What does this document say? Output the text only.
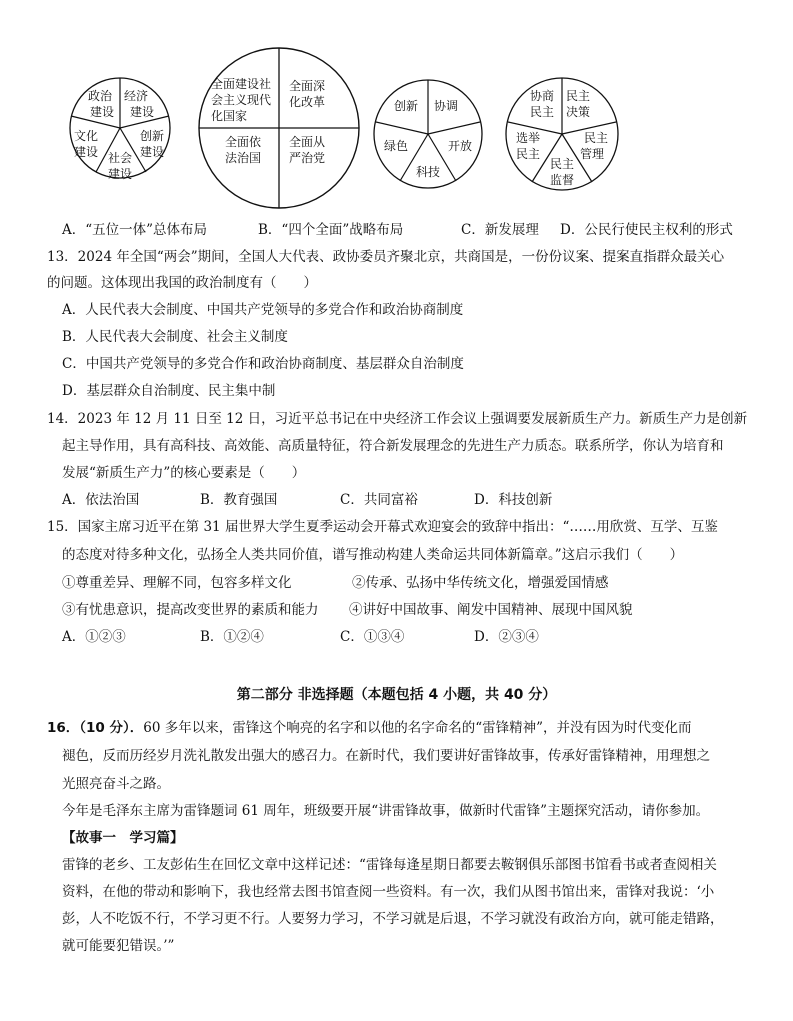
政治建设
经济建设
创新建设
社会建设
文化建设
全面建设社会主义现代化国家
全面深化改革
全面依法治国
全面从严治党
创新 协调
开放
科技
绿色
协商民主
民主决策
民主管理
民主监督
选举民主
A．“五位一体”总体布局	B．“四个全面”战略布局	C．新发展理 D．公民行使民主权利的形式
13．2024 年全国“两会”期间，全国人大代表、政协委员齐聚北京，共商国是，一份份议案、提案直指群众最关心
的问题。这体现出我国的政治制度有（　　）
A．人民代表大会制度、中国共产党领导的多党合作和政治协商制度
B．人民代表大会制度、社会主义制度
C．中国共产党领导的多党合作和政治协商制度、基层群众自治制度
D．基层群众自治制度、民主集中制
14．2023 年 12 月 11 日至 12 日，习近平总书记在中央经济工作会议上强调要发展新质生产力。新质生产力是创新
起主导作用，具有高科技、高效能、高质量特征，符合新发展理念的先进生产力质态。联系所学，你认为培育和
发展“新质生产力”的核心要素是（　　）
A．依法治国	B．教育强国	C．共同富裕	D．科技创新
15．国家主席习近平在第 31 届世界大学生夏季运动会开幕式欢迎宴会的致辞中指出：“……用欣赏、互学、互鉴
的态度对待多种文化，弘扬全人类共同价值，谱写推动构建人类命运共同体新篇章。”这启示我们（　　）
①尊重差异、理解不同，包容多样文化	②传承、弘扬中华传统文化，增强爱国情感
③有忧患意识，提高改变世界的素质和能力 ④讲好中国故事、阐发中国精神、展现中国风貌
A．①②③	B．①②④	C．①③④	D．②③④
第二部分 非选择题（本题包括 4 小题，共 40 分）
16．（10 分）．60 多年以来，雷锋这个响亮的名字和以他的名字命名的“雷锋精神”，并没有因为时代变化而
褪色，反而历经岁月洗礼散发出强大的感召力。在新时代，我们要讲好雷锋故事，传承好雷锋精神，用理想之
光照亮奋斗之路。
今年是毛泽东主席为雷锋题词 61 周年，班级要开展“讲雷锋故事，做新时代雷锋”主题探究活动，请你参加。
【故事一　学习篇】
雷锋的老乡、工友彭佑生在回忆文章中这样记述：“雷锋每逢星期日都要去鞍钢俱乐部图书馆看书或者查阅相关
资料，在他的带动和影响下，我也经常去图书馆查阅一些资料。有一次，我们从图书馆出来，雷锋对我说：‘小
彭，人不吃饭不行，不学习更不行。人要努力学习，不学习就是后退，不学习就没有政治方向，就可能走错路，
就可能要犯错误。’”
